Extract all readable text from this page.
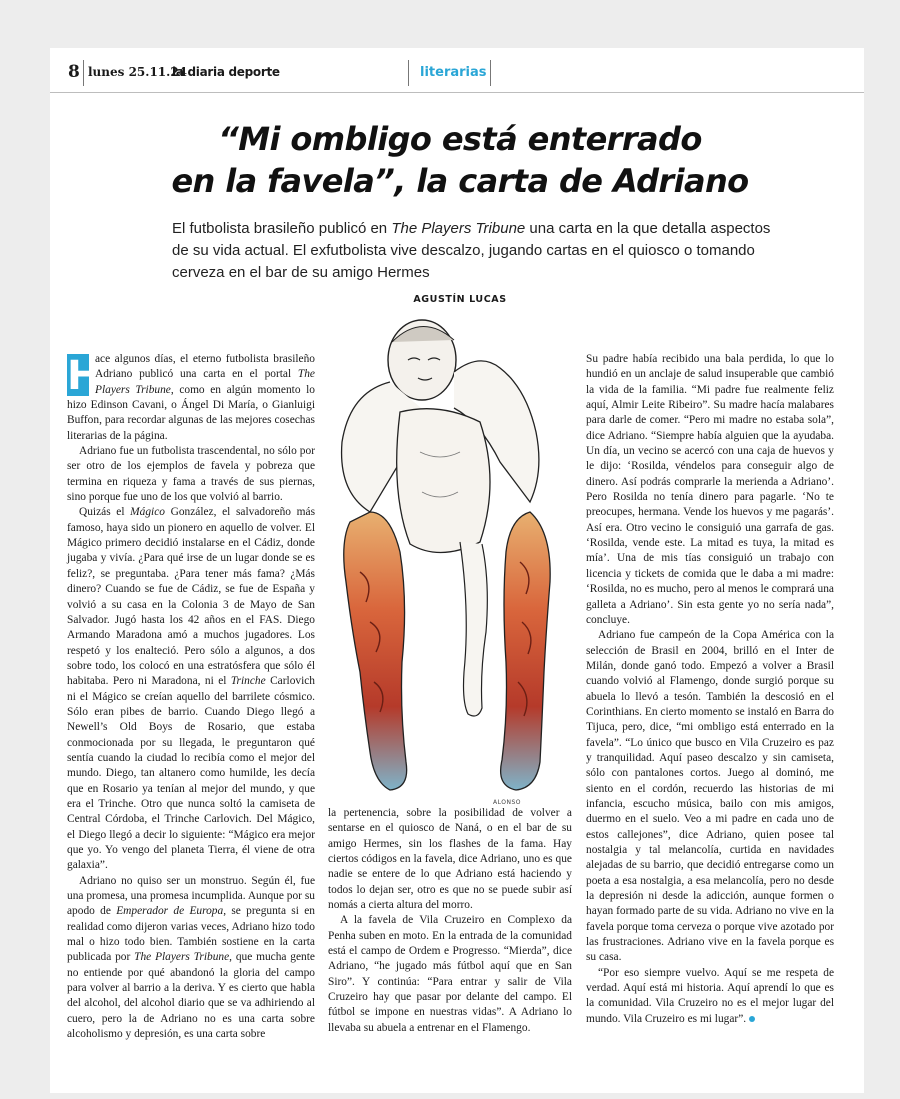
8 lunes 25.11.24
la diaria deporte	literarias
“Mi ombligo está enterrado
en la favela”, la carta de Adriano
El futbolista brasileño publicó en The Players Tribune una carta en la que detalla aspectos de su vida actual. El exfutbolista vive descalzo, jugando cartas en el quiosco o tomando cerveza en el bar de su amigo Hermes
AGUSTÍN LUCAS

H
ace algunos días, el eterno futbolista brasileño Adriano publicó una carta en el portal The Players Tribune, como en algún momento lo hizo Edinson Cavani, o Ángel Di María, o Gianluigi Buffon, para recordar algunas de las mejores cosechas literarias de la página.

Adriano fue un futbolista trascendental, no sólo por ser otro de los ejemplos de favela y pobreza que termina en riqueza y fama a través de sus piernas, sino porque fue uno de los que volvió al barrio.

Quizás el Mágico González, el salvadoreño más famoso, haya sido un pionero en aquello de volver. El Mágico primero decidió instalarse en el Cádiz, donde jugaba y vivía. ¿Para qué irse de un lugar donde se es feliz?, se preguntaba. ¿Para tener más fama? ¿Más dinero? Cuando se fue de Cádiz, se fue de España y volvió a su casa en la Colonia 3 de Mayo de San Salvador. Jugó hasta los 42 años en el FAS. Diego Armando Maradona amó a muchos jugadores. Los respetó y los enalteció. Pero sólo a algunos, a dos sobre todo, los colocó en una estratósfera que sólo él habitaba. Pero ni Maradona, ni el Trinche Carlovich ni el Mágico se creían aquello del barrilete cósmico. Sólo eran pibes de barrio. Cuando Diego llegó a Newell’s Old Boys de Rosario, que estaba conmocionada por su llegada, le preguntaron qué sentía cuando la ciudad lo recibía como el mejor del mundo. Diego, tan altanero como humilde, les decía que en Rosario ya tenían al mejor del mundo, y que era el Trinche. Otro que nunca soltó la camiseta de Central Córdoba, el Trinche Carlovich. Del Mágico, el Diego llegó a decir lo siguiente: “Mágico era mejor que yo. Yo vengo del planeta Tierra, él viene de otra galaxia”.

Adriano no quiso ser un monstruo. Según él, fue una promesa, una promesa incumplida. Aunque por su apodo de Emperador de Europa, se pregunta si en realidad como dijeron varias veces, Adriano hizo todo mal o hizo todo bien. También sostiene en la carta publicada por The Players Tribune, que mucha gente no entiende por qué abandonó la gloria del campo para volver al barrio a la deriva. Y es cierto que habla del alcohol, del alcohol diario que se va adhiriendo al cuero, pero la de Adriano no es una carta sobre alcoholismo y depresión, es una carta sobre

ALONSO

la pertenencia, sobre la posibilidad de volver a sentarse en el quiosco de Naná, o en el bar de su amigo Hermes, sin los flashes de la fama. Hay ciertos códigos en la favela, dice Adriano, uno es que nadie se entere de lo que Adriano está haciendo y todos lo dejan ser, otro es que no se puede subir así nomás a cierta altura del morro.

A la favela de Vila Cruzeiro en Complexo da Penha suben en moto. En la entrada de la comunidad está el campo de Ordem e Progresso. “Mierda”, dice Adriano, “he jugado más fútbol aquí que en San Siro”. Y continúa: “Para entrar y salir de Vila Cruzeiro hay que pasar por delante del campo. El fútbol se impone en nuestras vidas”. A Adriano lo llevaba su abuela a entrenar en el Flamengo.

Su padre había recibido una bala perdida, lo que lo hundió en un anclaje de salud insuperable que cambió la vida de la familia. “Mi padre fue realmente feliz aquí, Almir Leite Ribeiro”. Su madre hacía malabares para darle de comer. “Pero mi madre no estaba sola”, dice Adriano. “Siempre había alguien que la ayudaba. Un día, un vecino se acercó con una caja de huevos y le dijo: ‘Rosilda, véndelos para conseguir algo de dinero. Así podrás comprarle la merienda a Adriano’. Pero Rosilda no tenía dinero para pagarle. ‘No te preocupes, hermana. Vende los huevos y me pagarás’. Así era. Otro vecino le consiguió una garrafa de gas. ‘Rosilda, vende este. La mitad es tuya, la mitad es mía’. Una de mis tías consiguió un trabajo con licencia y tickets de comida que le daba a mi madre: ‘Rosilda, no es mucho, pero al menos le comprará una galleta a Adriano’. Sin esta gente yo no sería nada”, concluye.

Adriano fue campeón de la Copa América con la selección de Brasil en 2004, brilló en el Inter de Milán, donde ganó todo. Empezó a volver a Brasil cuando volvió al Flamengo, donde surgió porque su abuela lo llevó a tesón. También la descosió en el Corinthians. En cierto momento se instaló en Barra do Tijuca, pero, dice, “mi ombligo está enterrado en la favela”. “Lo único que busco en Vila Cruzeiro es paz y tranquilidad. Aquí paseo descalzo y sin camiseta, sólo con pantalones cortos. Juego al dominó, me siento en el cordón, recuerdo las historias de mi infancia, escucho música, bailo con mis amigos, duermo en el suelo. Veo a mi padre en cada uno de estos callejones”, dice Adriano, quien posee tal nostalgia y tal melancolía, curtida en navidades alejadas de su barrio, que decidió entregarse como un poeta a esa nostalgia, a esa melancolía, pero no desde la depresión ni desde la adicción, aunque formen o hayan formado parte de su vida. Adriano no vive en la favela porque toma cerveza o porque vive azotado por las frustraciones. Adriano vive en la favela porque es su casa.

“Por eso siempre vuelvo. Aquí se me respeta de verdad. Aquí está mi historia. Aquí aprendí lo que es la comunidad. Vila Cruzeiro no es el mejor lugar del mundo. Vila Cruzeiro es mi lugar”.
